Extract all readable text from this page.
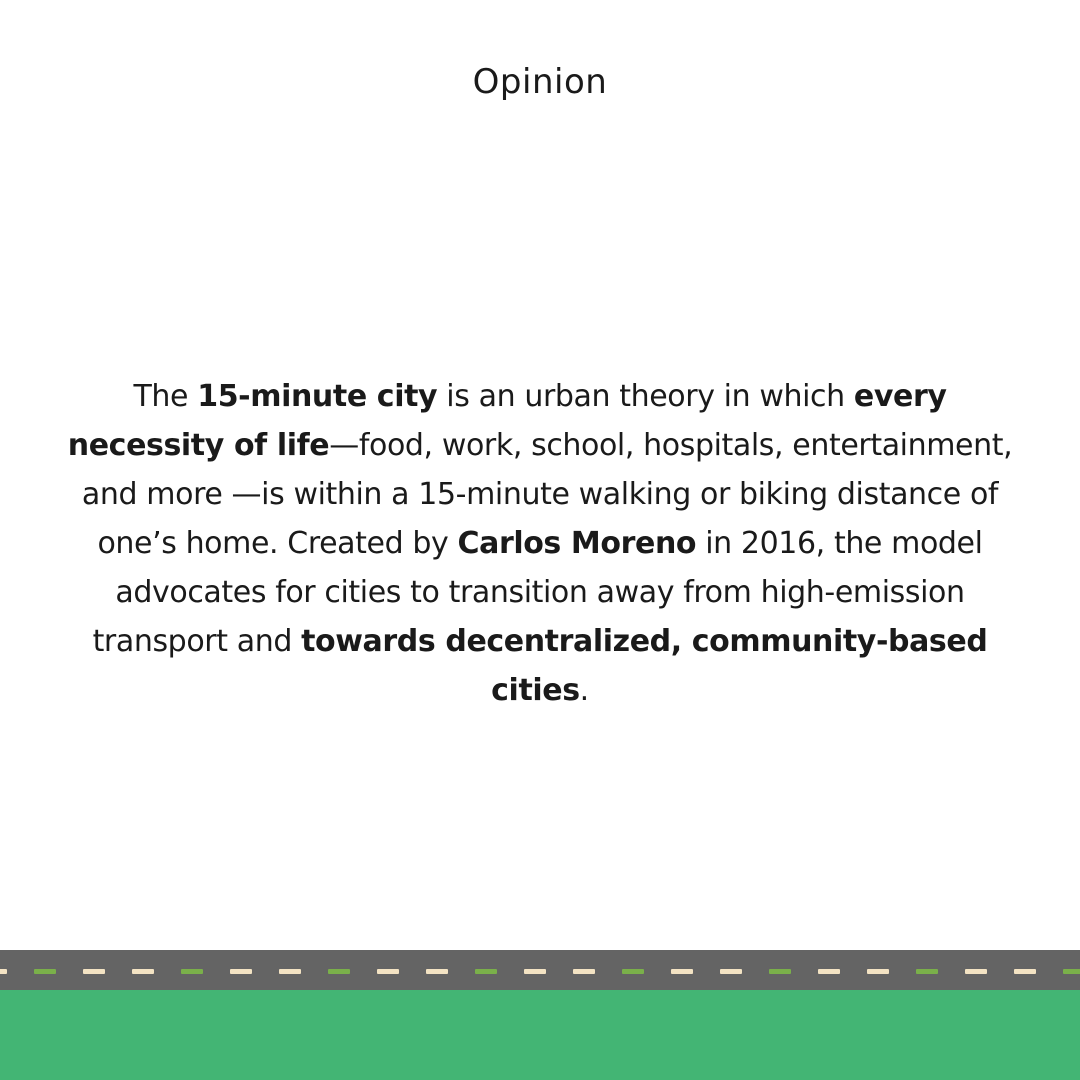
Opinion

The 15-minute city is an urban theory in which every necessity of life—food, work, school, hospitals, entertainment, and more —is within a 15-minute walking or biking distance of one’s home. Created by Carlos Moreno in 2016, the model advocates for cities to transition away from high-emission transport and towards decentralized, community-based cities.
